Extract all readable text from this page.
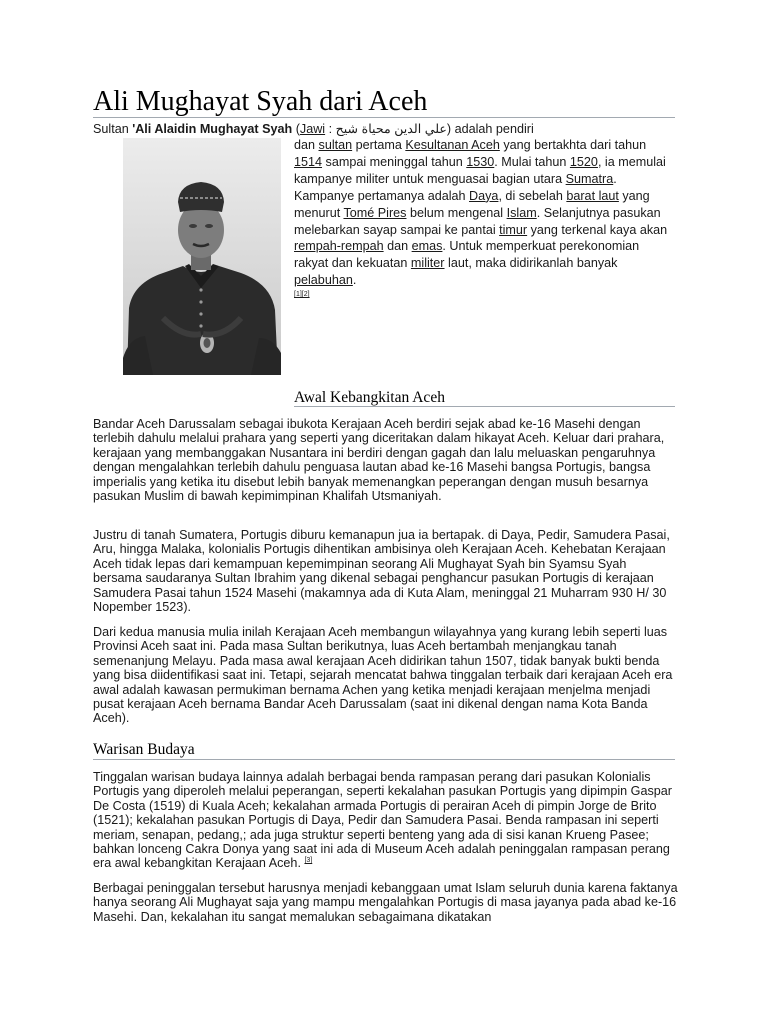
Ali Mughayat Syah dari Aceh
Sultan 'Ali Alaidin Mughayat Syah (Jawi : علي الدين محياة شيح) adalah pendiri

dan sultan pertama Kesultanan Aceh yang bertakhta dari tahun 1514 sampai meninggal tahun 1530. Mulai tahun 1520, ia memulai kampanye militer untuk menguasai bagian utara Sumatra. Kampanye pertamanya adalah Daya, di sebelah barat laut yang menurut Tomé Pires belum mengenal Islam. Selanjutnya pasukan melebarkan sayap sampai ke pantai timur yang terkenal kaya akan rempah-rempah dan emas. Untuk memperkuat perekonomian rakyat dan kekuatan militer laut, maka didirikanlah banyak pelabuhan.
[1][2]

Awal Kebangkitan Aceh

Bandar Aceh Darussalam sebagai ibukota Kerajaan Aceh berdiri sejak abad ke-16 Masehi dengan terlebih dahulu melalui prahara yang seperti yang diceritakan dalam hikayat Aceh. Keluar dari prahara, kerajaan yang membanggakan Nusantara ini berdiri dengan gagah dan lalu meluaskan pengaruhnya dengan mengalahkan terlebih dahulu penguasa lautan abad ke-16 Masehi bangsa Portugis, bangsa imperialis yang ketika itu disebut lebih banyak memenangkan peperangan dengan musuh besarnya pasukan Muslim di bawah kepimimpinan Khalifah Utsmaniyah.

Justru di tanah Sumatera, Portugis diburu kemanapun jua ia bertapak. di Daya, Pedir, Samudera Pasai, Aru, hingga Malaka, kolonialis Portugis dihentikan ambisinya oleh Kerajaan Aceh. Kehebatan Kerajaan Aceh tidak lepas dari kemampuan kepemimpinan seorang Ali Mughayat Syah bin Syamsu Syah bersama saudaranya Sultan Ibrahim yang dikenal sebagai penghancur pasukan Portugis di kerajaan Samudera Pasai tahun 1524 Masehi (makamnya ada di Kuta Alam, meninggal 21 Muharram 930 H/ 30 Nopember 1523).

Dari kedua manusia mulia inilah Kerajaan Aceh membangun wilayahnya yang kurang lebih seperti luas Provinsi Aceh saat ini. Pada masa Sultan berikutnya, luas Aceh bertambah menjangkau tanah semenanjung Melayu. Pada masa awal kerajaan Aceh didirikan tahun 1507, tidak banyak bukti benda yang bisa diidentifikasi saat ini. Tetapi, sejarah mencatat bahwa tinggalan terbaik dari kerajaan Aceh era awal adalah kawasan permukiman bernama Achen yang ketika menjadi kerajaan menjelma menjadi pusat kerajaan Aceh bernama Bandar Aceh Darussalam (saat ini dikenal dengan nama Kota Banda Aceh).

Warisan Budaya

Tinggalan warisan budaya lainnya adalah berbagai benda rampasan perang dari pasukan Kolonialis Portugis yang diperoleh melalui peperangan, seperti kekalahan pasukan Portugis yang dipimpin Gaspar De Costa (1519) di Kuala Aceh; kekalahan armada Portugis di perairan Aceh di pimpin Jorge de Brito (1521); kekalahan pasukan Portugis di Daya, Pedir dan Samudera Pasai. Benda rampasan ini seperti meriam, senapan, pedang,; ada juga struktur seperti benteng yang ada di sisi kanan Krueng Pasee; bahkan lonceng Cakra Donya yang saat ini ada di Museum Aceh adalah peninggalan rampasan perang era awal kebangkitan Kerajaan Aceh. [3]

Berbagai peninggalan tersebut harusnya menjadi kebanggaan umat Islam seluruh dunia karena faktanya hanya seorang Ali Mughayat saja yang mampu mengalahkan Portugis di masa jayanya pada abad ke-16 Masehi. Dan, kekalahan itu sangat memalukan sebagaimana dikatakan
